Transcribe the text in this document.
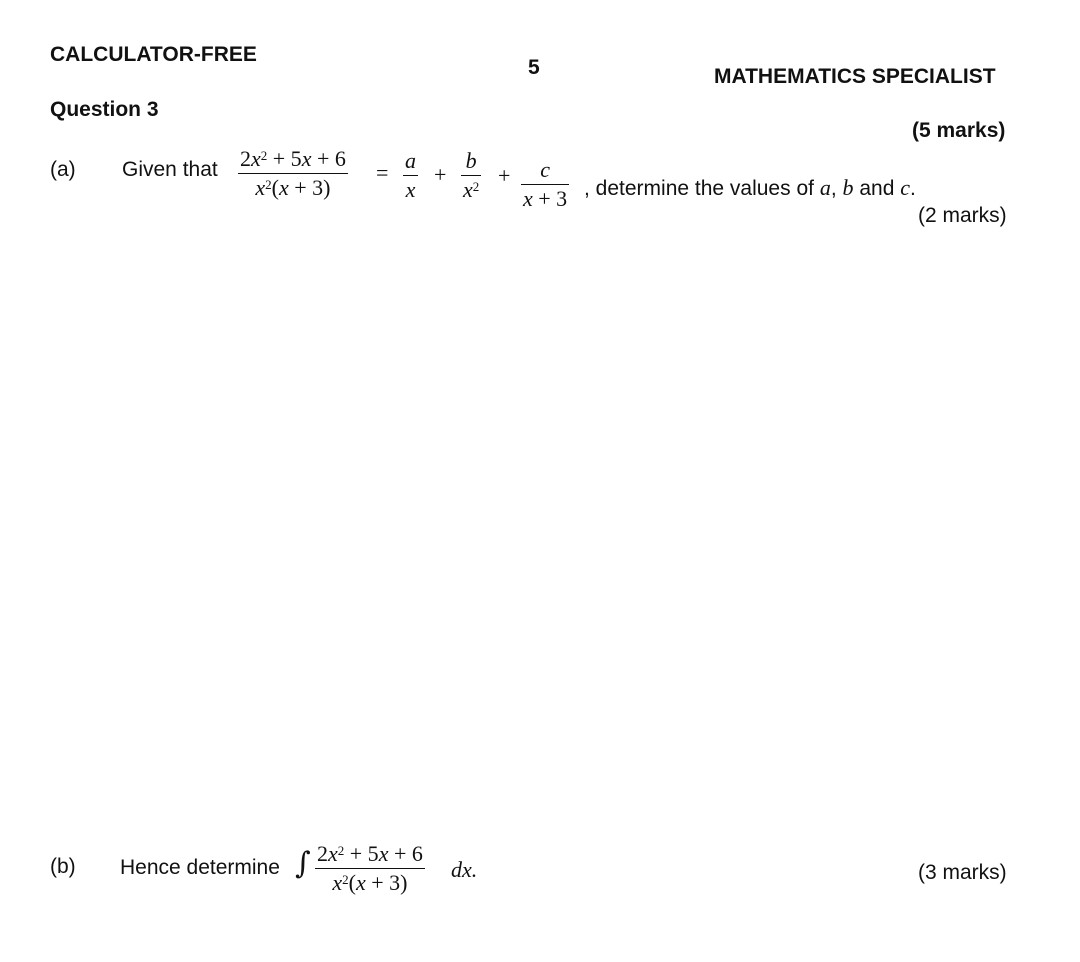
CALCULATOR-FREE
5	MATHEMATICS SPECIALIST
Question 3
(5 marks)
(a) Given that $2x^2 + 5x + 6$
$x^2(x + 3)$
= a
x
+
b
$x^2 + c$
x + 3 , determine the values of a, b and c.
(2 marks)
(b) Hence determine ∫ $2x^2 + 5x + 6$
$x^2(x + 3)$
dx.	(3 marks)
